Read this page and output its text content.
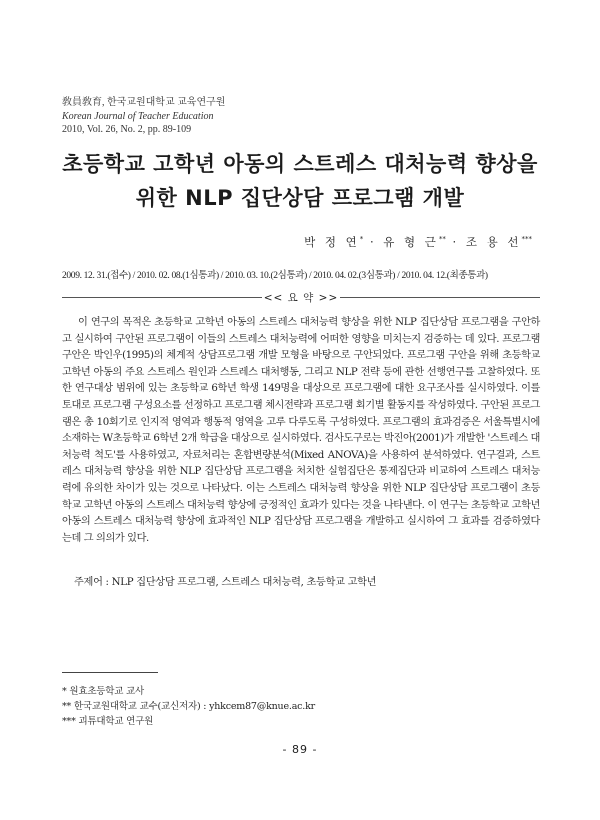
敎員敎育, 한국교원대학교 교육연구원
Korean Journal of Teacher Education
2010, Vol. 26, No. 2, pp. 89-109
초등학교 고학년 아동의 스트레스 대처능력 향상을
위한 NLP 집단상담 프로그램 개발
박 정 연* · 유 형 근** · 조 용 선***
2009. 12. 31.(접수) / 2010. 02. 08.(1심통과) / 2010. 03. 10.(2심통과) / 2010. 04. 02.(3심통과) / 2010. 04. 12.(최종통과)
<< 요 약 >>

이 연구의 목적은 초등학교 고학년 아동의 스트레스 대처능력 향상을 위한 NLP 집단상담 프로그램을 구안하고 실시하여 구안된 프로그램이 이들의 스트레스 대처능력에 어떠한 영향을 미치는지 검증하는 데 있다. 프로그램 구안은 박인우(1995)의 체계적 상담프로그램 개발 모형을 바탕으로 구안되었다. 프로그램 구안을 위해 초등학교 고학년 아동의 주요 스트레스 원인과 스트레스 대처행동, 그리고 NLP 전략 등에 관한 선행연구를 고찰하였다. 또한 연구대상 범위에 있는 초등학교 6학년 학생 149명을 대상으로 프로그램에 대한 요구조사를 실시하였다. 이를 토대로 프로그램 구성요소를 선정하고 프로그램 체시전략과 프로그램 회기별 활동지를 작성하였다. 구안된 프로그램은 총 10회기로 인지적 영역과 행동적 영역을 고루 다루도록 구성하였다. 프로그램의 효과검증은 서울특별시에 소재하는 W초등학교 6학년 2개 학급을 대상으로 실시하였다. 검사도구로는 박진아(2001)가 개발한 '스트레스 대처능력 척도'를 사용하였고, 자료처리는 혼합변량분석(Mixed ANOVA)을 사용하여 분석하였다. 연구결과, 스트레스 대처능력 향상을 위한 NLP 집단상담 프로그램을 처치한 실험집단은 통제집단과 비교하여 스트레스 대처능력에 유의한 차이가 있는 것으로 나타났다. 이는 스트레스 대처능력 향상을 위한 NLP 집단상담 프로그램이 초등학교 고학년 아동의 스트레스 대처능력 향상에 긍정적인 효과가 있다는 것을 나타낸다. 이 연구는 초등학교 고학년 아동의 스트레스 대처능력 향상에 효과적인 NLP 집단상담 프로그램을 개발하고 실시하여 그 효과를 검증하였다는데 그 의의가 있다.

주제어 : NLP 집단상담 프로그램, 스트레스 대처능력, 초등학교 고학년
* 원효초등학교 교사
** 한국교원대학교 교수(교신저자) : yhkcem87@knue.ac.kr
*** 괴튜대학교 연구원
- 89 -
